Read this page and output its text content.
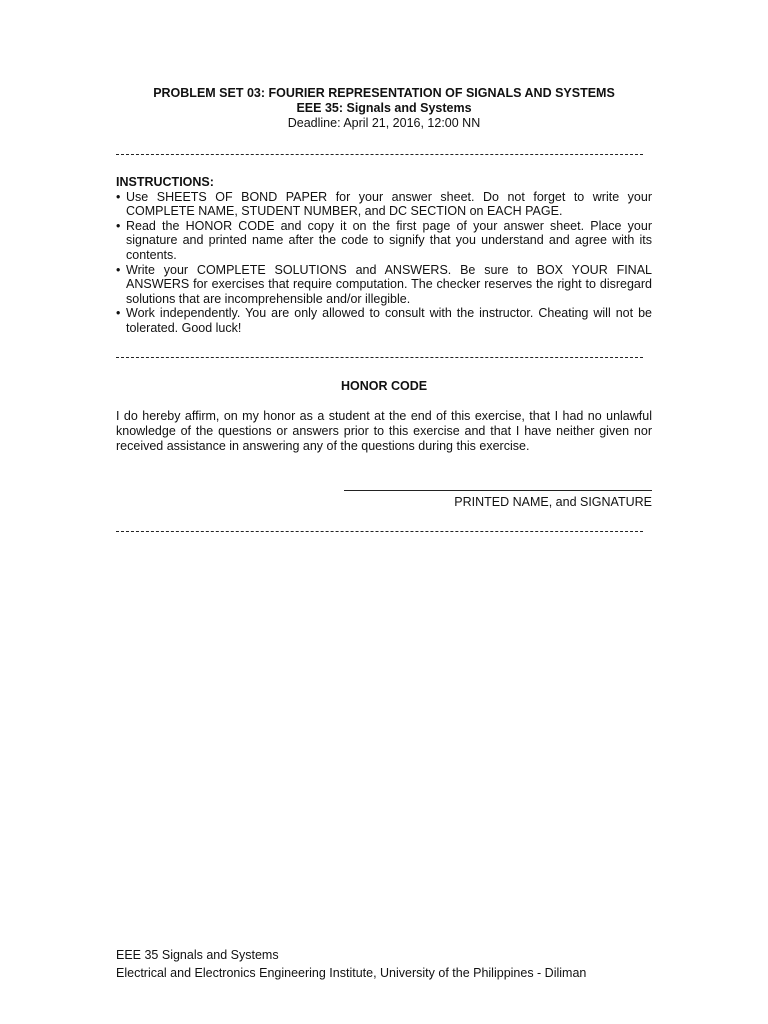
PROBLEM SET 03: FOURIER REPRESENTATION OF SIGNALS AND SYSTEMS
EEE 35: Signals and Systems
Deadline: April 21, 2016, 12:00 NN
INSTRUCTIONS:
• Use SHEETS OF BOND PAPER for your answer sheet. Do not forget to write your COMPLETE NAME, STUDENT NUMBER, and DC SECTION on EACH PAGE.
• Read the HONOR CODE and copy it on the first page of your answer sheet. Place your signature and printed name after the code to signify that you understand and agree with its contents.
• Write your COMPLETE SOLUTIONS and ANSWERS. Be sure to BOX YOUR FINAL ANSWERS for exercises that require computation. The checker reserves the right to disregard solutions that are incomprehensible and/or illegible.
• Work independently. You are only allowed to consult with the instructor. Cheating will not be tolerated. Good luck!
HONOR CODE
I do hereby affirm, on my honor as a student at the end of this exercise, that I had no unlawful knowledge of the questions or answers prior to this exercise and that I have neither given nor received assistance in answering any of the questions during this exercise.
PRINTED NAME, and SIGNATURE
EEE 35 Signals and Systems
Electrical and Electronics Engineering Institute, University of the Philippines - Diliman
